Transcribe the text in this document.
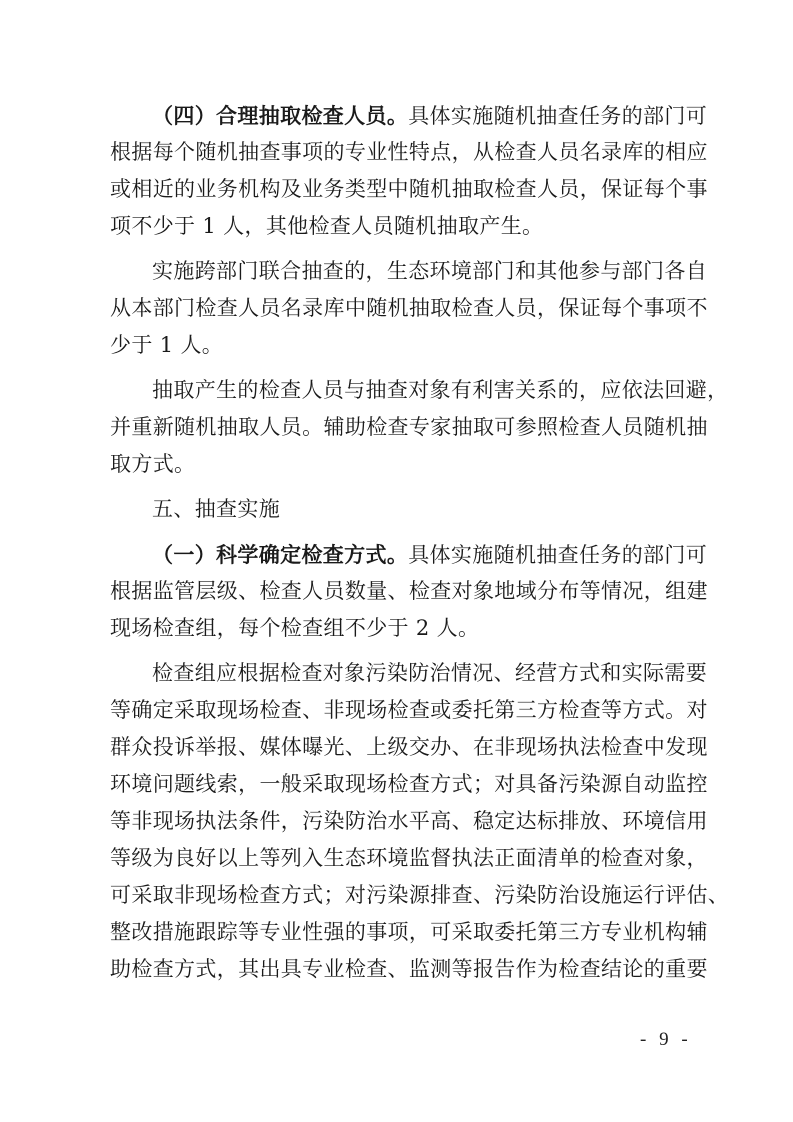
（四）合理抽取检查人员。具体实施随机抽查任务的部门可
根据每个随机抽查事项的专业性特点，从检查人员名录库的相应
或相近的业务机构及业务类型中随机抽取检查人员，保证每个事
项不少于 1 人，其他检查人员随机抽取产生。
实施跨部门联合抽查的，生态环境部门和其他参与部门各自
从本部门检查人员名录库中随机抽取检查人员，保证每个事项不
少于 1 人。
抽取产生的检查人员与抽查对象有利害关系的，应依法回避，
并重新随机抽取人员。辅助检查专家抽取可参照检查人员随机抽
取方式。
五、抽查实施
（一）科学确定检查方式。具体实施随机抽查任务的部门可
根据监管层级、检查人员数量、检查对象地域分布等情况，组建
现场检查组，每个检查组不少于 2 人。
检查组应根据检查对象污染防治情况、经营方式和实际需要
等确定采取现场检查、非现场检查或委托第三方检查等方式。对
群众投诉举报、媒体曝光、上级交办、在非现场执法检查中发现
环境问题线索，一般采取现场检查方式；对具备污染源自动监控
等非现场执法条件，污染防治水平高、稳定达标排放、环境信用
等级为良好以上等列入生态环境监督执法正面清单的检查对象，
可采取非现场检查方式；对污染源排查、污染防治设施运行评估、
整改措施跟踪等专业性强的事项，可采取委托第三方专业机构辅
助检查方式，其出具专业检查、监测等报告作为检查结论的重要
- 9 -
